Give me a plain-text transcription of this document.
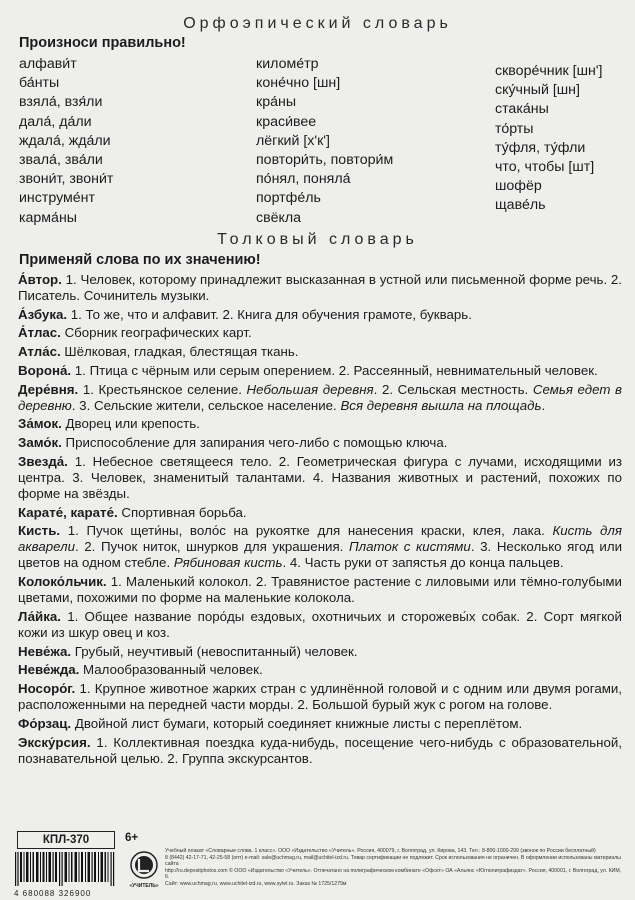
Орфоэпический словарь
Произноси правильно!
алфави́т
ба́нты
взяла́, взя́ли
дала́, да́ли
ждала́, жда́ли
звала́, зва́ли
звони́т, звони́т
инструме́нт
карма́ны
киломе́тр
коне́чно [шн]
кра́ны
краси́вее
лёгкий [х'к']
повтори́ть, повтори́м
по́нял, поняла́
портфе́ль
свёкла
скворе́чник [шн']
ску́чный [шн]
стака́ны
то́рты
ту́фля, ту́фли
что, чтобы [шт]
шофёр
щаве́ль
Толковый словарь
Применяй слова по их значению!
А́втор. 1. Человек, которому принадлежит высказанная в устной или письменной форме речь. 2. Писатель. Сочинитель музыки.
А́збука. 1. То же, что и алфавит. 2. Книга для обучения грамоте, букварь.
А́тлас. Сборник географических карт.
Атла́с. Шёлковая, гладкая, блестящая ткань.
Ворона́. 1. Птица с чёрным или серым оперением. 2. Рассеянный, невнимательный человек.
Дере́вня. 1. Крестьянское селение. Небольшая деревня. 2. Сельская местность. Семья едет в деревню. 3. Сельские жители, сельское население. Вся деревня вышла на площадь.
За́мок. Дворец или крепость.
Замо́к. Приспособление для запирания чего-либо с помощью ключа.
Звезда́. 1. Небесное светящееся тело. 2. Геометрическая фигура с лучами, исходящими из центра. 3. Человек, знаменитый талантами. 4. Названия животных и растений, похожих по форме на звёзды.
Карате́, карате́. Спортивная борьба.
Кисть. 1. Пучок щети́ны, воло́с на рукоятке для нанесения краски, клея, лака. Кисть для акварели. 2. Пучок ниток, шнурков для украшения. Платок с кистями. 3. Несколько ягод или цветов на одном стебле. Рябиновая кисть. 4. Часть руки от запястья до конца пальцев.
Колоко́льчик. 1. Маленький колокол. 2. Травянистое растение с лиловыми или тёмно-голубыми цветами, похожими по форме на маленькие колокола.
Ла́йка. 1. Общее название поро́ды ездовых, охотничьих и сторожевы́х собак. 2. Сорт мягкой кожи из шкур овец и коз.
Неве́жа. Грубый, неучтивый (невоспитанный) человек.
Неве́жда. Малообразованный человек.
Носоро́г. 1. Крупное животное жарких стран с удлинённой головой и с одним или двумя рогами, расположенными на передней части морды. 2. Большой бурый жук с рогом на голове.
Фо́рзац. Двойной лист бумаги, который соединяет книжные листы с переплётом.
Экску́рсия. 1. Коллективная поездка куда-нибудь, посещение чего-нибудь с образовательной, познавательной целью. 2. Группа экскурсантов.
КПЛ-370	6+
4 680088 326900
«УЧИТЕЛЬ»
Учебный плакат «Словарные слова. 1 класс». ООО «Издательство «Учитель». Россия, 400079, г. Волгоград, ул. Кирова, 143. Тел.: 8-800-1000-299 (звонок по России бесплатный)
8 (8442) 42-17-71, 42-25-58 (опт) e-mail: sale@uchmag.ru, mail@uchitel-izd.ru. Товар сертификации не подлежит. Срок использования не ограничен. В оформлении использованы материалы сайта
http://ru.depositphotos.com © ООО «Издательство «Учитель». Отпечатано на полиграфическом комбинате «Офсет» ОА «Альянс «Югполиграфиздат». Россия, 400001, г. Волгоград, ул. КИМ, 6.
Сайт: www.uchmag.ru, www.uchitel-izd.ru, www.sytel.ru. Заказ № 1725/1279м
